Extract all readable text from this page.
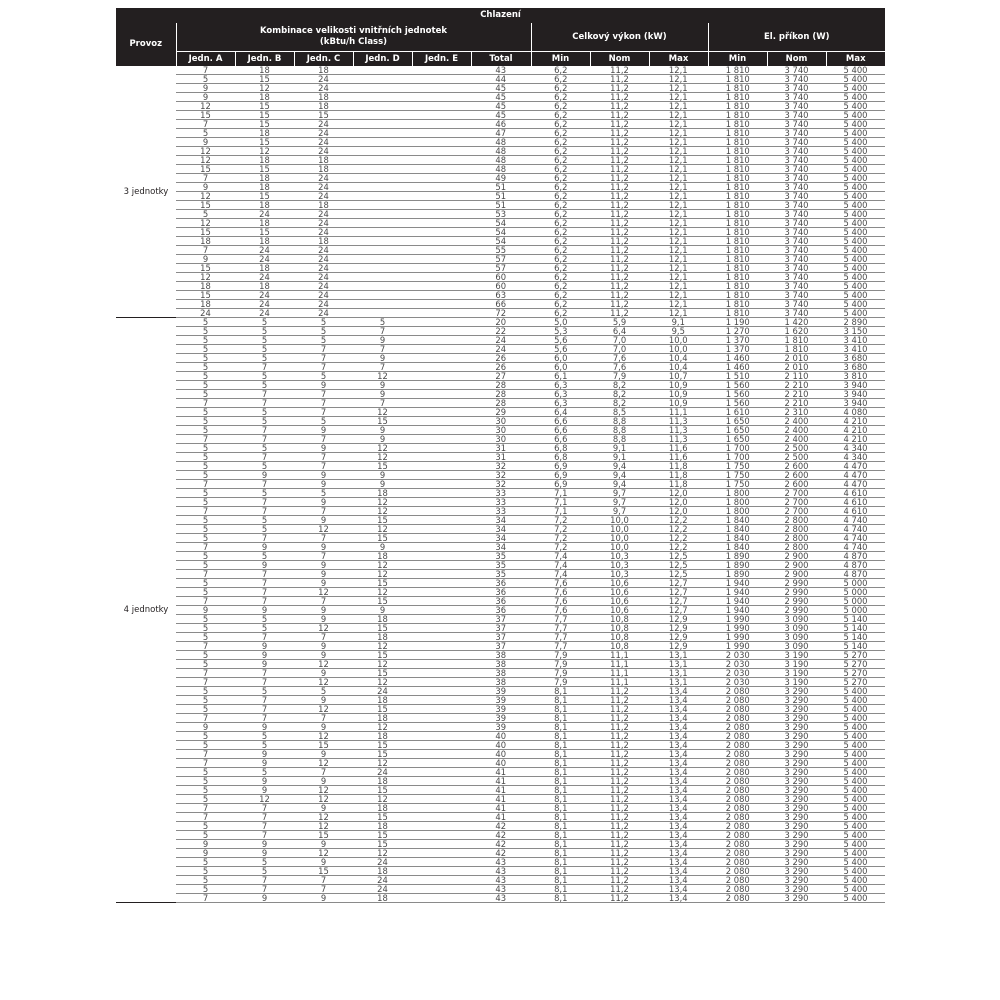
Chlazení												
Provoz	Kombinace velikosti vnitřních jednotek
(kBtu/h Class)						Celkový výkon (kW)			El. příkon (W)		
	Jedn. A	Jedn. B	Jedn. C	Jedn. D	Jedn. E	Total	Min	Nom	Max	Min	Nom	Max
3 jednotky	7	18	18			43	6,2	11,2	12,1	1 810	3 740	5 400
	5	15	24			44	6,2	11,2	12,1	1 810	3 740	5 400
	9	12	24			45	6,2	11,2	12,1	1 810	3 740	5 400
	9	18	18			45	6,2	11,2	12,1	1 810	3 740	5 400
	12	15	18			45	6,2	11,2	12,1	1 810	3 740	5 400
	15	15	15			45	6,2	11,2	12,1	1 810	3 740	5 400
	7	15	24			46	6,2	11,2	12,1	1 810	3 740	5 400
	5	18	24			47	6,2	11,2	12,1	1 810	3 740	5 400
	9	15	24			48	6,2	11,2	12,1	1 810	3 740	5 400
	12	12	24			48	6,2	11,2	12,1	1 810	3 740	5 400
	12	18	18			48	6,2	11,2	12,1	1 810	3 740	5 400
	15	15	18			48	6,2	11,2	12,1	1 810	3 740	5 400
	7	18	24			49	6,2	11,2	12,1	1 810	3 740	5 400
	9	18	24			51	6,2	11,2	12,1	1 810	3 740	5 400
	12	15	24			51	6,2	11,2	12,1	1 810	3 740	5 400
	15	18	18			51	6,2	11,2	12,1	1 810	3 740	5 400
	5	24	24			53	6,2	11,2	12,1	1 810	3 740	5 400
	12	18	24			54	6,2	11,2	12,1	1 810	3 740	5 400
	15	15	24			54	6,2	11,2	12,1	1 810	3 740	5 400
	18	18	18			54	6,2	11,2	12,1	1 810	3 740	5 400
	7	24	24			55	6,2	11,2	12,1	1 810	3 740	5 400
	9	24	24			57	6,2	11,2	12,1	1 810	3 740	5 400
	15	18	24			57	6,2	11,2	12,1	1 810	3 740	5 400
	12	24	24			60	6,2	11,2	12,1	1 810	3 740	5 400
	18	18	24			60	6,2	11,2	12,1	1 810	3 740	5 400
	15	24	24			63	6,2	11,2	12,1	1 810	3 740	5 400
	18	24	24			66	6,2	11,2	12,1	1 810	3 740	5 400
	24	24	24			72	6,2	11,2	12,1	1 810	3 740	5 400
4 jednotky	5	5	5	5		20	5,0	5,9	9,1	1 190	1 420	2 890
	5	5	5	7		22	5,3	6,4	9,5	1 270	1 620	3 150
	5	5	5	9		24	5,6	7,0	10,0	1 370	1 810	3 410
	5	5	7	7		24	5,6	7,0	10,0	1 370	1 810	3 410
	5	5	7	9		26	6,0	7,6	10,4	1 460	2 010	3 680
	5	7	7	7		26	6,0	7,6	10,4	1 460	2 010	3 680
	5	5	5	12		27	6,1	7,9	10,7	1 510	2 110	3 810
	5	5	9	9		28	6,3	8,2	10,9	1 560	2 210	3 940
	5	7	7	9		28	6,3	8,2	10,9	1 560	2 210	3 940
	7	7	7	7		28	6,3	8,2	10,9	1 560	2 210	3 940
	5	5	7	12		29	6,4	8,5	11,1	1 610	2 310	4 080
	5	5	5	15		30	6,6	8,8	11,3	1 650	2 400	4 210
	5	7	9	9		30	6,6	8,8	11,3	1 650	2 400	4 210
	7	7	7	9		30	6,6	8,8	11,3	1 650	2 400	4 210
	5	5	9	12		31	6,8	9,1	11,6	1 700	2 500	4 340
	5	7	7	12		31	6,8	9,1	11,6	1 700	2 500	4 340
	5	5	7	15		32	6,9	9,4	11,8	1 750	2 600	4 470
	5	9	9	9		32	6,9	9,4	11,8	1 750	2 600	4 470
	7	7	9	9		32	6,9	9,4	11,8	1 750	2 600	4 470
	5	5	5	18		33	7,1	9,7	12,0	1 800	2 700	4 610
	5	7	9	12		33	7,1	9,7	12,0	1 800	2 700	4 610
	7	7	7	12		33	7,1	9,7	12,0	1 800	2 700	4 610
	5	5	9	15		34	7,2	10,0	12,2	1 840	2 800	4 740
	5	5	12	12		34	7,2	10,0	12,2	1 840	2 800	4 740
	5	7	7	15		34	7,2	10,0	12,2	1 840	2 800	4 740
	7	9	9	9		34	7,2	10,0	12,2	1 840	2 800	4 740
	5	5	7	18		35	7,4	10,3	12,5	1 890	2 900	4 870
	5	9	9	12		35	7,4	10,3	12,5	1 890	2 900	4 870
	7	7	9	12		35	7,4	10,3	12,5	1 890	2 900	4 870
	5	7	9	15		36	7,6	10,6	12,7	1 940	2 990	5 000
	5	7	12	12		36	7,6	10,6	12,7	1 940	2 990	5 000
	7	7	7	15		36	7,6	10,6	12,7	1 940	2 990	5 000
	9	9	9	9		36	7,6	10,6	12,7	1 940	2 990	5 000
	5	5	9	18		37	7,7	10,8	12,9	1 990	3 090	5 140
	5	5	12	15		37	7,7	10,8	12,9	1 990	3 090	5 140
	5	7	7	18		37	7,7	10,8	12,9	1 990	3 090	5 140
	7	9	9	12		37	7,7	10,8	12,9	1 990	3 090	5 140
	5	9	9	15		38	7,9	11,1	13,1	2 030	3 190	5 270
	5	9	12	12		38	7,9	11,1	13,1	2 030	3 190	5 270
	7	7	9	15		38	7,9	11,1	13,1	2 030	3 190	5 270
	7	7	12	12		38	7,9	11,1	13,1	2 030	3 190	5 270
	5	5	5	24		39	8,1	11,2	13,4	2 080	3 290	5 400
	5	7	9	18		39	8,1	11,2	13,4	2 080	3 290	5 400
	5	7	12	15		39	8,1	11,2	13,4	2 080	3 290	5 400
	7	7	7	18		39	8,1	11,2	13,4	2 080	3 290	5 400
	9	9	9	12		39	8,1	11,2	13,4	2 080	3 290	5 400
	5	5	12	18		40	8,1	11,2	13,4	2 080	3 290	5 400
	5	5	15	15		40	8,1	11,2	13,4	2 080	3 290	5 400
	7	9	9	15		40	8,1	11,2	13,4	2 080	3 290	5 400
	7	9	12	12		40	8,1	11,2	13,4	2 080	3 290	5 400
	5	5	7	24		41	8,1	11,2	13,4	2 080	3 290	5 400
	5	9	9	18		41	8,1	11,2	13,4	2 080	3 290	5 400
	5	9	12	15		41	8,1	11,2	13,4	2 080	3 290	5 400
	5	12	12	12		41	8,1	11,2	13,4	2 080	3 290	5 400
	7	7	9	18		41	8,1	11,2	13,4	2 080	3 290	5 400
	7	7	12	15		41	8,1	11,2	13,4	2 080	3 290	5 400
	5	7	12	18		42	8,1	11,2	13,4	2 080	3 290	5 400
	5	7	15	15		42	8,1	11,2	13,4	2 080	3 290	5 400
	9	9	9	15		42	8,1	11,2	13,4	2 080	3 290	5 400
	9	9	12	12		42	8,1	11,2	13,4	2 080	3 290	5 400
	5	5	9	24		43	8,1	11,2	13,4	2 080	3 290	5 400
	5	5	15	18		43	8,1	11,2	13,4	2 080	3 290	5 400
	5	7	7	24		43	8,1	11,2	13,4	2 080	3 290	5 400
	5	7	7	24		43	8,1	11,2	13,4	2 080	3 290	5 400
	7	9	9	18		43	8,1	11,2	13,4	2 080	3 290	5 400
